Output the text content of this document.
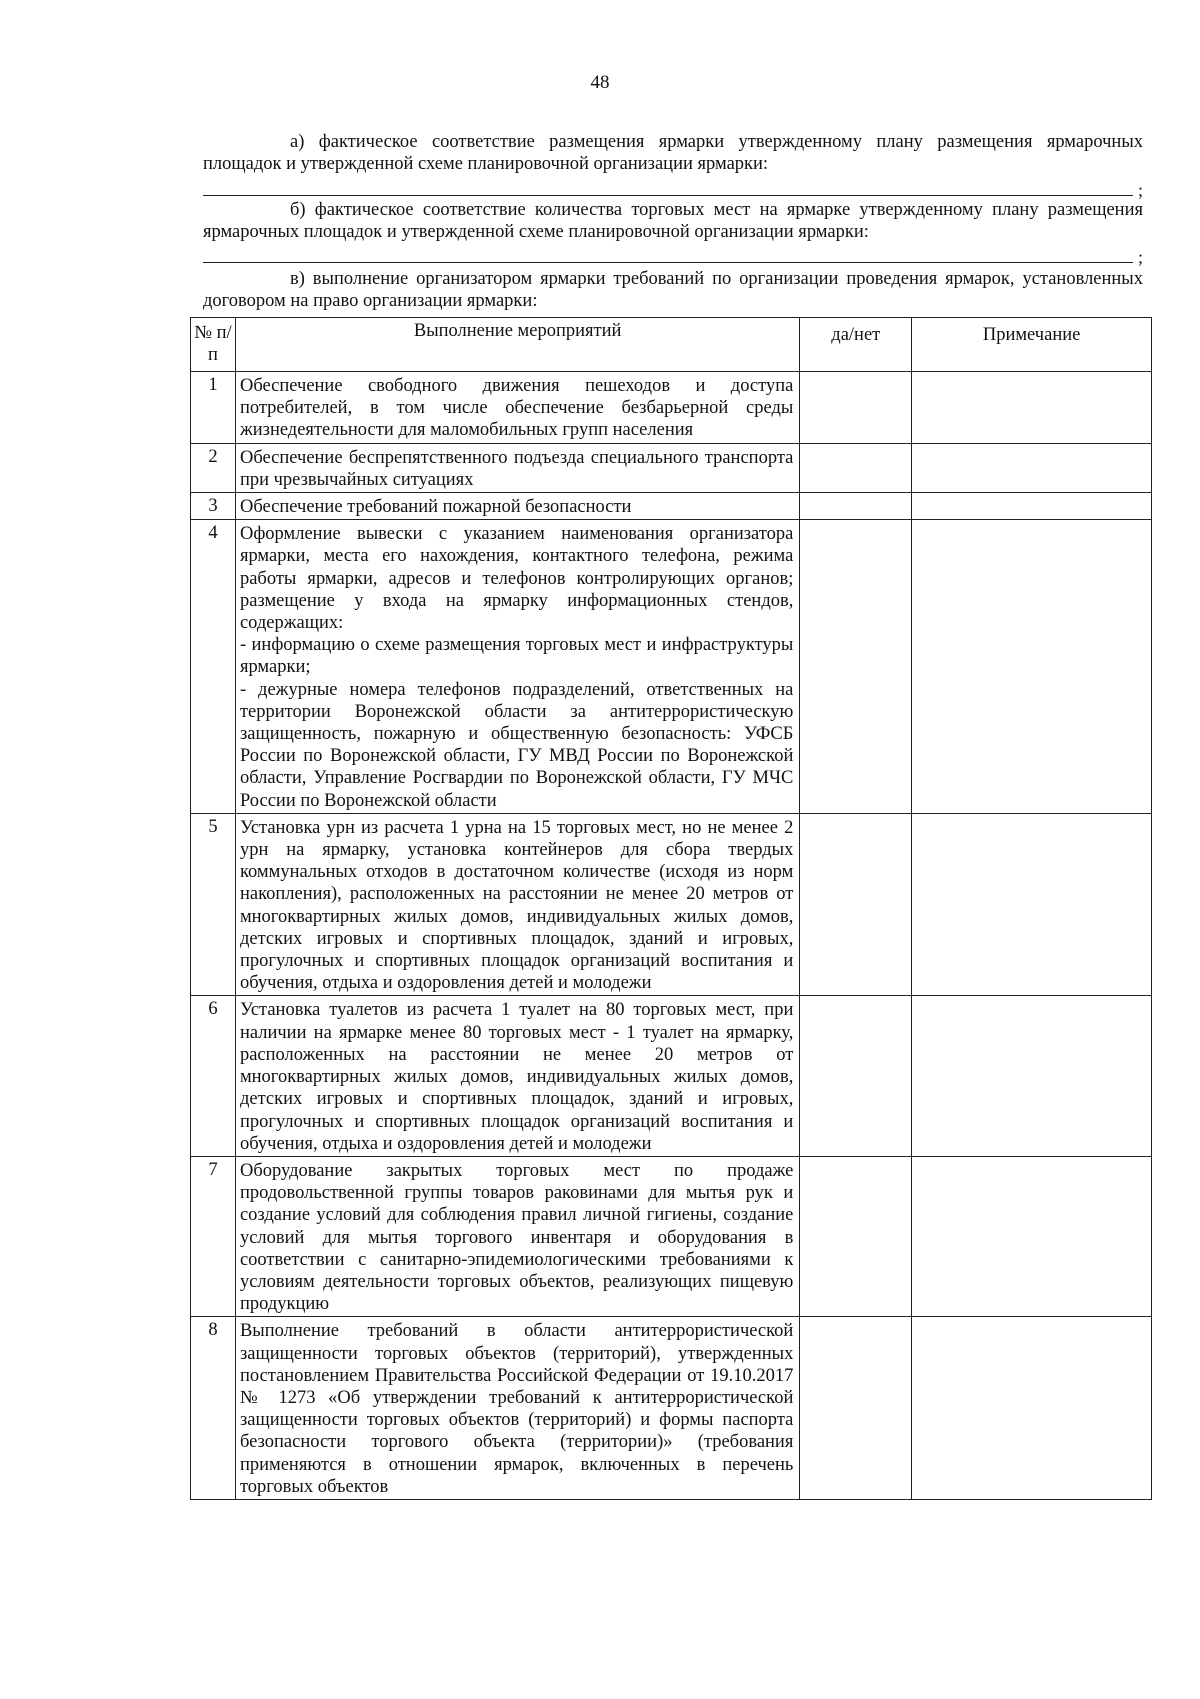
48
а) фактическое соответствие размещения ярмарки утвержденному плану размещения ярмарочных площадок и утвержденной схеме планировочной организации ярмарки:
;
б) фактическое соответствие количества торговых мест на ярмарке утвержденному плану размещения ярмарочных площадок и утвержденной схеме планировочной организации ярмарки:
;
в) выполнение организатором ярмарки требований по организации проведения ярмарок, установленных договором на право организации ярмарки:
№ п/п	Выполнение мероприятий	да/нет	Примечание
1	Обеспечение свободного движения пешеходов и доступа потребителей, в том числе обеспечение безбарьерной среды жизнедеятельности для маломобильных групп населения		
2	Обеспечение беспрепятственного подъезда специального транспорта при чрезвычайных ситуациях		
3	Обеспечение требований пожарной безопасности		
4	Оформление вывески с указанием наименования организатора ярмарки, места его нахождения, контактного телефона, режима работы ярмарки, адресов и телефонов контролирующих органов; размещение у входа на ярмарку информационных стендов, содержащих:
- информацию о схеме размещения торговых мест и инфраструктуры ярмарки;
- дежурные номера телефонов подразделений, ответственных на территории Воронежской области за антитеррористическую защищенность, пожарную и общественную безопасность: УФСБ России по Воронежской области, ГУ МВД России по Воронежской области, Управление Росгвардии по Воронежской области, ГУ МЧС России по Воронежской области		
5	Установка урн из расчета 1 урна на 15 торговых мест, но не менее 2 урн на ярмарку, установка контейнеров для сбора твердых коммунальных отходов в достаточном количестве (исходя из норм накопления), расположенных на расстоянии не менее 20 метров от многоквартирных жилых домов, индивидуальных жилых домов, детских игровых и спортивных площадок, зданий и игровых, прогулочных и спортивных площадок организаций воспитания и обучения, отдыха и оздоровления детей и молодежи		
6	Установка туалетов из расчета 1 туалет на 80 торговых мест, при наличии на ярмарке менее 80 торговых мест - 1 туалет на ярмарку, расположенных на расстоянии не менее 20 метров от многоквартирных жилых домов, индивидуальных жилых домов, детских игровых и спортивных площадок, зданий и игровых, прогулочных и спортивных площадок организаций воспитания и обучения, отдыха и оздоровления детей и молодежи		
7	Оборудование закрытых торговых мест по продаже продовольственной группы товаров раковинами для мытья рук и создание условий для соблюдения правил личной гигиены, создание условий для мытья торгового инвентаря и оборудования в соответствии с санитарно-эпидемиологическими требованиями к условиям деятельности торговых объектов, реализующих пищевую продукцию		
8	Выполнение требований в области антитеррористической защищенности торговых объектов (территорий), утвержденных постановлением Правительства Российской Федерации от 19.10.2017 № 1273 «Об утверждении требований к антитеррористической защищенности торговых объектов (территорий) и формы паспорта безопасности торгового объекта (территории)» (требования применяются в отношении ярмарок, включенных в перечень торговых объектов		
